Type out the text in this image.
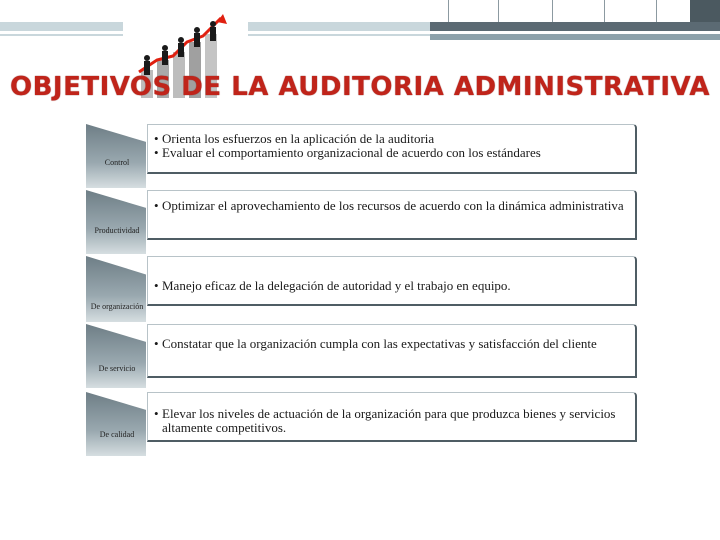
OBJETIVOS DE LA AUDITORIA ADMINISTRATIVA
Control
• Orienta los esfuerzos en la aplicación de la auditoria
• Evaluar el comportamiento organizacional de acuerdo con los estándares
Productividad
• Optimizar el aprovechamiento de los recursos de acuerdo con la dinámica administrativa
De organización
• Manejo eficaz de la delegación de autoridad y el trabajo en equipo.
De servicio
• Constatar que la organización cumpla con las expectativas y satisfacción del cliente
De calidad
• Elevar los niveles de actuación de la organización para que produzca bienes y servicios altamente competitivos.
